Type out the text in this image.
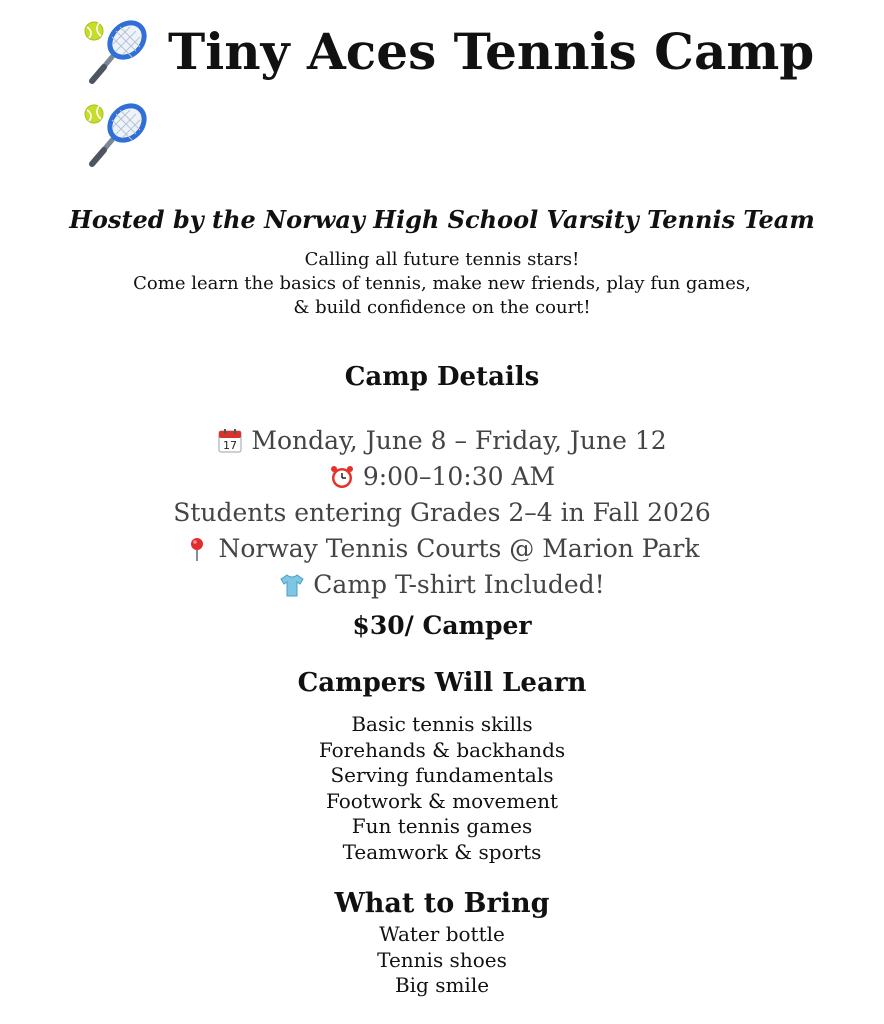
Tiny Aces Tennis Camp
Hosted by the Norway High School Varsity Tennis Team
Calling all future tennis stars!
Come learn the basics of tennis, make new friends, play fun games,
& build confidence on the court!
Camp Details
17 Monday, June 8 – Friday, June 12
9:00–10:30 AM
Students entering Grades 2–4 in Fall 2026
Norway Tennis Courts @ Marion Park
Camp T-shirt Included!
$30/ Camper
Campers Will Learn
Basic tennis skills
Forehands & backhands
Serving fundamentals
Footwork & movement
Fun tennis games
Teamwork & sports
What to Bring
Water bottle
Tennis shoes
Big smile
